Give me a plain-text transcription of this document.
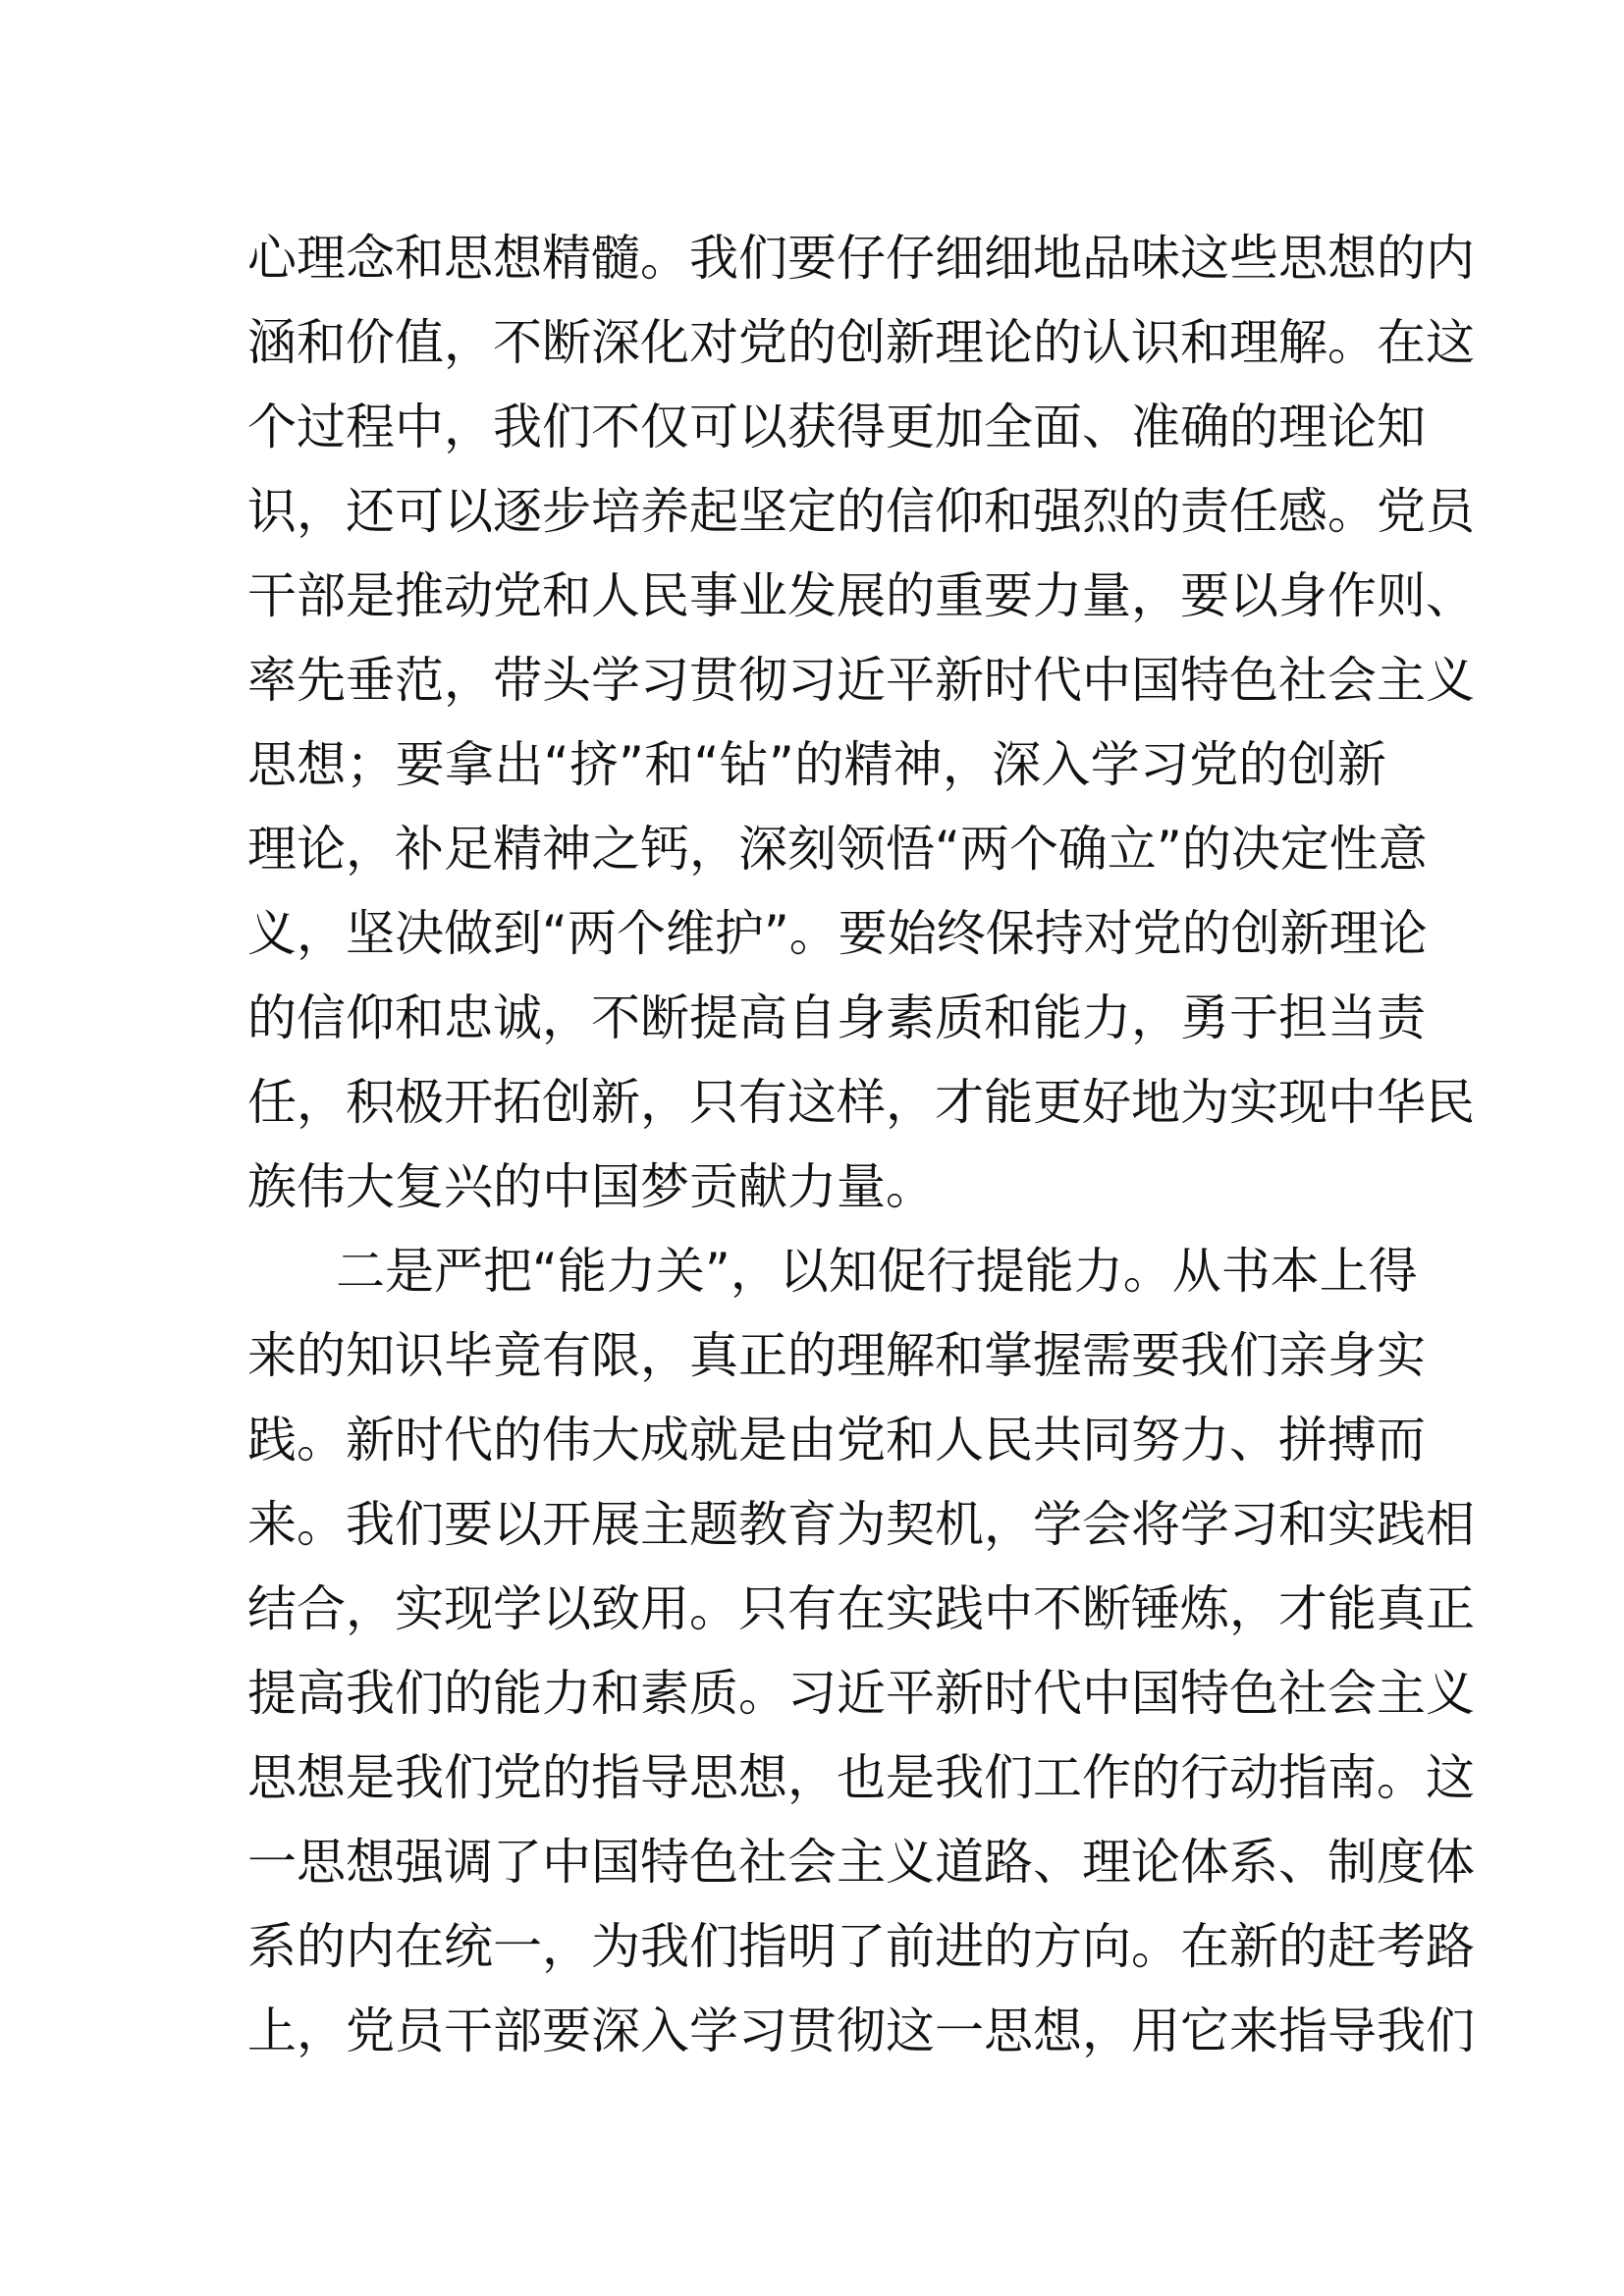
心理念和思想精髓。我们要仔仔细细地品味这些思想的内
涵和价值，不断深化对党的创新理论的认识和理解。在这
个过程中，我们不仅可以获得更加全面、准确的理论知
识，还可以逐步培养起坚定的信仰和强烈的责任感。党员
干部是推动党和人民事业发展的重要力量，要以身作则、
率先垂范，带头学习贯彻习近平新时代中国特色社会主义
思想；要拿出“挤”和“钻”的精神，深入学习党的创新
理论，补足精神之钙，深刻领悟“两个确立”的决定性意
义，坚决做到“两个维护”。要始终保持对党的创新理论
的信仰和忠诚，不断提高自身素质和能力，勇于担当责
任，积极开拓创新，只有这样，才能更好地为实现中华民
族伟大复兴的中国梦贡献力量。
二是严把“能力关”，以知促行提能力。从书本上得
来的知识毕竟有限，真正的理解和掌握需要我们亲身实
践。新时代的伟大成就是由党和人民共同努力、拼搏而
来。我们要以开展主题教育为契机，学会将学习和实践相
结合，实现学以致用。只有在实践中不断锤炼，才能真正
提高我们的能力和素质。习近平新时代中国特色社会主义
思想是我们党的指导思想，也是我们工作的行动指南。这
一思想强调了中国特色社会主义道路、理论体系、制度体
系的内在统一，为我们指明了前进的方向。在新的赶考路
上，党员干部要深入学习贯彻这一思想，用它来指导我们
